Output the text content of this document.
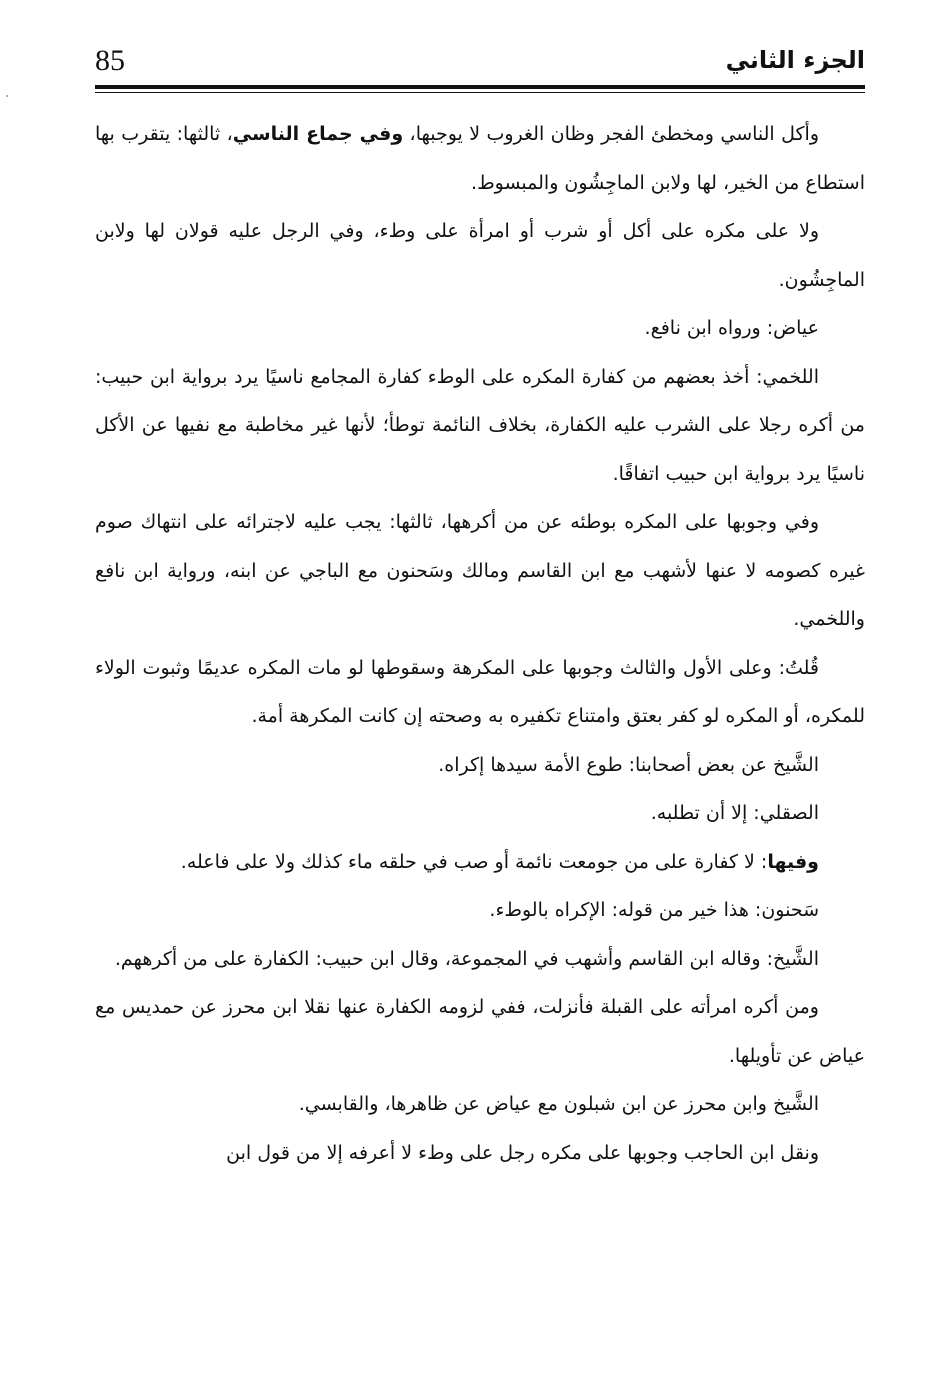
85	الجزء الثاني

وأكل الناسي ومخطئ الفجر وظان الغروب لا يوجبها، وفي جماع الناسي، ثالثها: يتقرب بها استطاع من الخير، لها ولابن الماجِشُون والمبسوط.

ولا على مكره على أكل أو شرب أو امرأة على وطء، وفي الرجل عليه قولان لها ولابن الماجِشُون.

عياض: ورواه ابن نافع.

اللخمي: أخذ بعضهم من كفارة المكره على الوطء كفارة المجامع ناسيًا يرد برواية ابن حبيب: من أكره رجلا على الشرب عليه الكفارة، بخلاف النائمة توطأ؛ لأنها غير مخاطبة مع نفيها عن الأكل ناسيًا يرد برواية ابن حبيب اتفاقًا.

وفي وجوبها على المكره بوطئه عن من أكرهها، ثالثها: يجب عليه لاجترائه على انتهاك صوم غيره كصومه لا عنها لأشهب مع ابن القاسم ومالك وسَحنون مع الباجي عن ابنه، ورواية ابن نافع واللخمي.

قُلتُ: وعلى الأول والثالث وجوبها على المكرهة وسقوطها لو مات المكره عديمًا وثبوت الولاء للمكره، أو المكره لو كفر بعتق وامتناع تكفيره به وصحته إن كانت المكرهة أمة.

الشَّيخ عن بعض أصحابنا: طوع الأمة سيدها إكراه.

الصقلي: إلا أن تطلبه.

وفيها: لا كفارة على من جومعت نائمة أو صب في حلقه ماء كذلك ولا على فاعله.

سَحنون: هذا خير من قوله: الإكراه بالوطء.

الشَّيخ: وقاله ابن القاسم وأشهب في المجموعة، وقال ابن حبيب: الكفارة على من أكرههم.

ومن أكره امرأته على القبلة فأنزلت، ففي لزومه الكفارة عنها نقلا ابن محرز عن حمديس مع عياض عن تأويلها.

الشَّيخ وابن محرز عن ابن شبلون مع عياض عن ظاهرها، والقابسي.

ونقل ابن الحاجب وجوبها على مكره رجل على وطء لا أعرفه إلا من قول ابن
